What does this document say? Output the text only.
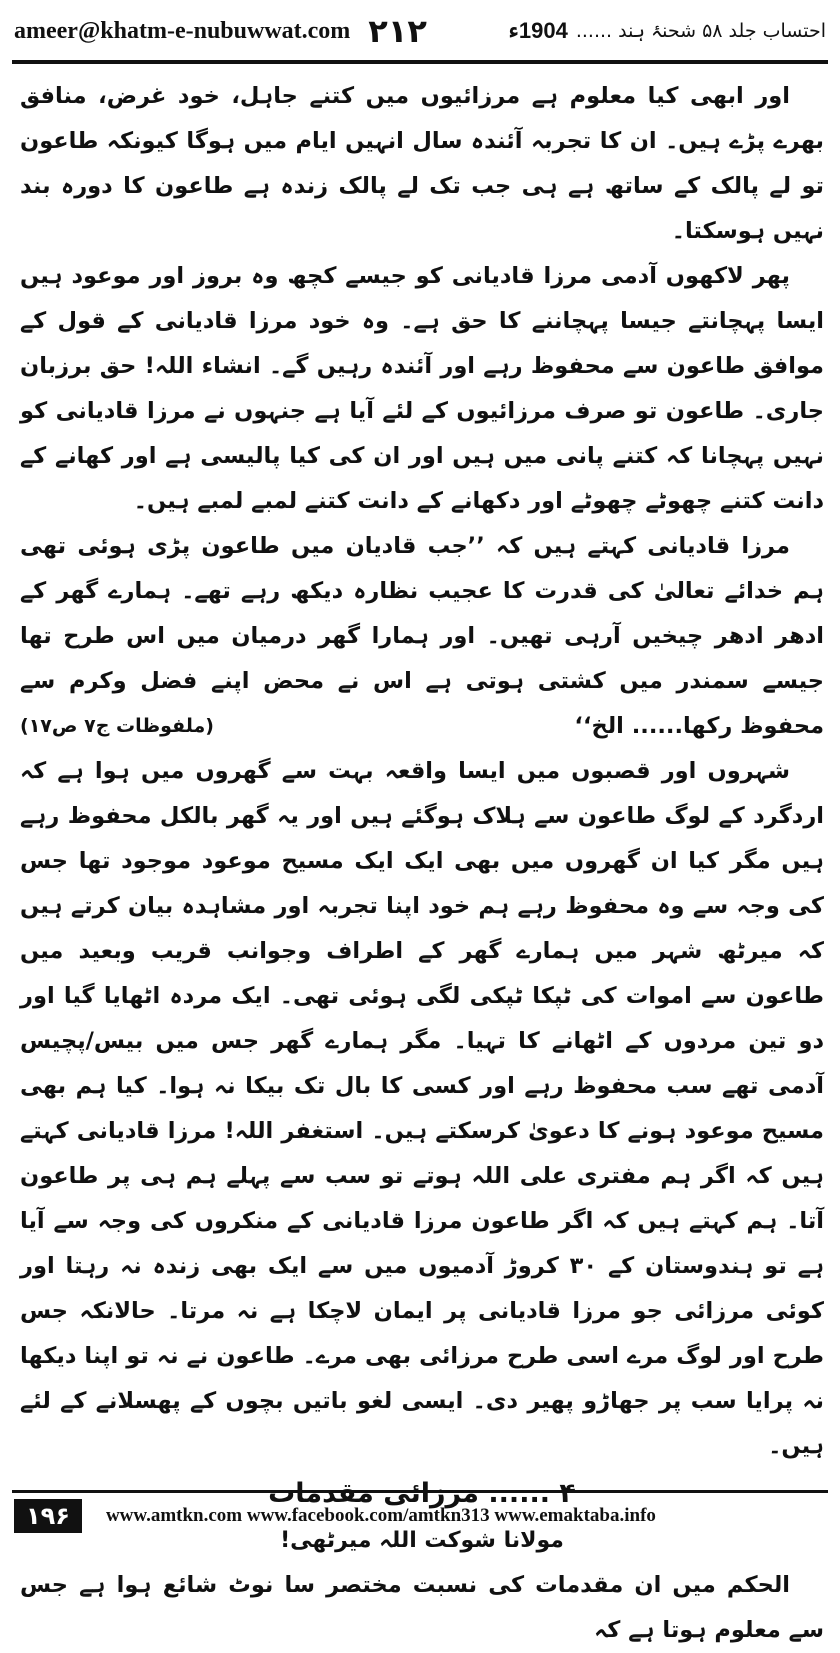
ameer@khatm-e-nubuwwat.com ۲۱۲	احتساب جلد ۵۸ شحنۂ ہند ......
1904ء

اور ابھی کیا معلوم ہے مرزائیوں میں کتنے جاہل، خود غرض، منافق بھرے پڑے ہیں۔ ان کا تجربہ آئندہ سال انہیں ایام میں ہوگا کیونکہ طاعون تو لے پالک کے ساتھ ہے ہی جب تک لے پالک زندہ ہے طاعون کا دورہ بند نہیں ہوسکتا۔

پھر لاکھوں آدمی مرزا قادیانی کو جیسے کچھ وہ بروز اور موعود ہیں ایسا پہچانتے جیسا پہچاننے کا حق ہے۔ وہ خود مرزا قادیانی کے قول کے موافق طاعون سے محفوظ رہے اور آئندہ رہیں گے۔ انشاء اللہ! حق برزبان جاری۔ طاعون تو صرف مرزائیوں کے لئے آیا ہے جنہوں نے مرزا قادیانی کو نہیں پہچانا کہ کتنے پانی میں ہیں اور ان کی کیا پالیسی ہے اور کھانے کے دانت کتنے چھوٹے چھوٹے اور دکھانے کے دانت کتنے لمبے لمبے ہیں۔

مرزا قادیانی کہتے ہیں کہ ’’جب قادیان میں طاعون پڑی ہوئی تھی ہم خدائے تعالیٰ کی قدرت کا عجیب نظارہ دیکھ رہے تھے۔ ہمارے گھر کے ادھر ادھر چیخیں آرہی تھیں۔ اور ہمارا گھر درمیان میں اس طرح تھا جیسے سمندر میں کشتی ہوتی ہے اس نے محض اپنے فضل وکرم سے محفوظ رکھا...... الخ‘‘
(ملفوظات ج۷ ص۱۷)

شہروں اور قصبوں میں ایسا واقعہ بہت سے گھروں میں ہوا ہے کہ اردگرد کے لوگ طاعون سے ہلاک ہوگئے ہیں اور یہ گھر بالکل محفوظ رہے ہیں مگر کیا ان گھروں میں بھی ایک ایک مسیح موعود موجود تھا جس کی وجہ سے وہ محفوظ رہے ہم خود اپنا تجربہ اور مشاہدہ بیان کرتے ہیں کہ میرٹھ شہر میں ہمارے گھر کے اطراف وجوانب قریب وبعید میں طاعون سے اموات کی ٹپکا ٹپکی لگی ہوئی تھی۔ ایک مردہ اٹھایا گیا اور دو تین مردوں کے اٹھانے کا تہیا۔ مگر ہمارے گھر جس میں بیس/پچیس آدمی تھے سب محفوظ رہے اور کسی کا بال تک بیکا نہ ہوا۔ کیا ہم بھی مسیح موعود ہونے کا دعویٰ کرسکتے ہیں۔ استغفر اللہ! مرزا قادیانی کہتے ہیں کہ اگر ہم مفتری علی اللہ ہوتے تو سب سے پہلے ہم ہی پر طاعون آتا۔ ہم کہتے ہیں کہ اگر طاعون مرزا قادیانی کے منکروں کی وجہ سے آیا ہے تو ہندوستان کے ۳۰ کروڑ آدمیوں میں سے ایک بھی زندہ نہ رہتا اور کوئی مرزائی جو مرزا قادیانی پر ایمان لاچکا ہے نہ مرتا۔ حالانکہ جس طرح اور لوگ مرے اسی طرح مرزائی بھی مرے۔ طاعون نے نہ تو اپنا دیکھا نہ پرایا سب پر جھاڑو پھیر دی۔ ایسی لغو باتیں بچوں کے پھسلانے کے لئے ہیں۔

۴ ...... مرزائی مقدمات

مولانا شوکت اللہ میرٹھی!

الحکم میں ان مقدمات کی نسبت مختصر سا نوٹ شائع ہوا ہے جس سے معلوم ہوتا ہے کہ

۱۹۶	www.amtkn.com www.facebook.com/amtkn313 www.emaktaba.info
